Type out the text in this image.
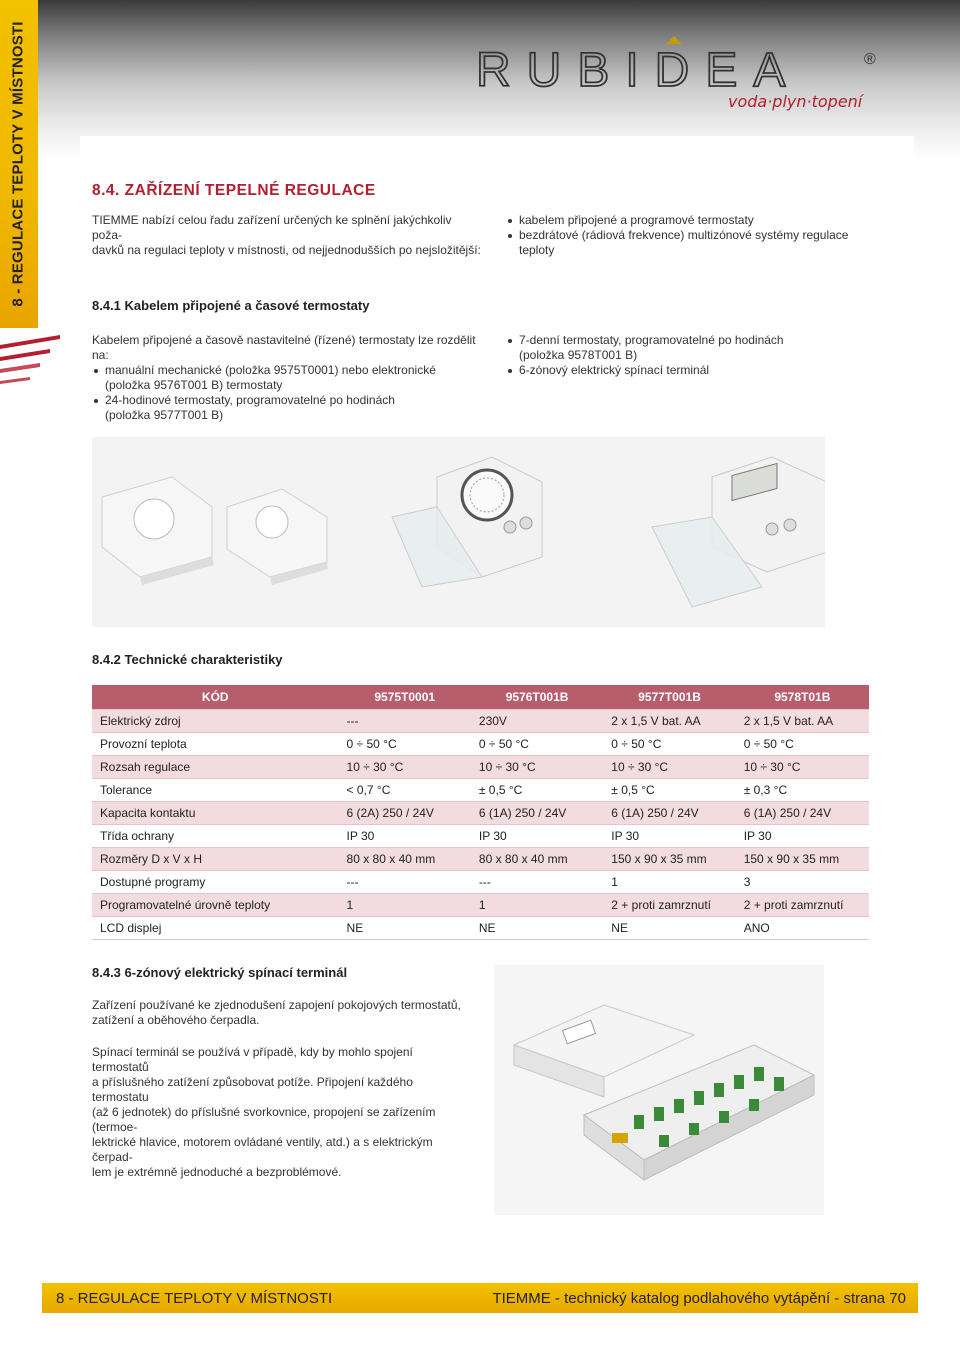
8 - REGULACE TEPLOTY V MÍSTNOSTI	RUBIDEA	®
RUBIDEA
voda·plyn·topení
8.4. ZAŘÍZENÍ TEPELNÉ REGULACE
TIEMME nabízí celou řadu zařízení určených ke splnění jakýchkoliv poža-
davků na regulaci teploty v místnosti, od nejjednodušších po nejsložitější:
kabelem připojené a programové termostaty
bezdrátové (rádiová frekvence) multizónové systémy regulace teploty
8.4.1 Kabelem připojené a časové termostaty
Kabelem připojené a časově nastavitelné (řízené) termostaty lze rozdělit na:
manuální mechanické (položka 9575T0001) nebo elektronické
(položka 9576T001 B) termostaty
24-hodinové termostaty, programovatelné po hodinách
(položka 9577T001 B)
7-denní termostaty, programovatelné po hodinách
(položka 9578T001 B)
6-zónový elektrický spínací terminál
8.4.2 Technické charakteristiky
KÓD	9575T0001	9576T001B	9577T001B	9578T01B
Elektrický zdroj	---	230V	2 x 1,5 V bat. AA	2 x 1,5 V bat. AA
Provozní teplota	0 ÷ 50 °C	0 ÷ 50 °C	0 ÷ 50 °C	0 ÷ 50 °C
Rozsah regulace	10 ÷ 30 °C	10 ÷ 30 °C	10 ÷ 30 °C	10 ÷ 30 °C
Tolerance	< 0,7 °C	± 0,5 °C	± 0,5 °C	± 0,3 °C
Kapacita kontaktu	6 (2A) 250 / 24V	6 (1A) 250 / 24V	6 (1A) 250 / 24V	6 (1A) 250 / 24V
Třída ochrany	IP 30	IP 30	IP 30	IP 30
Rozměry D x V x H	80 x 80 x 40 mm	80 x 80 x 40 mm	150 x 90 x 35 mm	150 x 90 x 35 mm
Dostupné programy	---	---	1	3
Programovatelné úrovně teploty	1	1	2 + proti zamrznutí	2 + proti zamrznutí
LCD displej	NE	NE	NE	ANO
8.4.3 6-zónový elektrický spínací terminál
Zařízení používané ke zjednodušení zapojení pokojových termostatů,
zatížení a oběhového čerpadla.
Spínací terminál se používá v případě, kdy by mohlo spojení termostatů
a příslušného zatížení způsobovat potíže. Připojení každého termostatu
(až 6 jednotek) do příslušné svorkovnice, propojení se zařízením (termoe-
lektrické hlavice, motorem ovládané ventily, atd.) a s elektrickým čerpad-
lem je extrémně jednoduché a bezproblémové.
8 - REGULACE TEPLOTY V MÍSTNOSTI	TIEMME - technický katalog podlahového vytápění - strana 70
